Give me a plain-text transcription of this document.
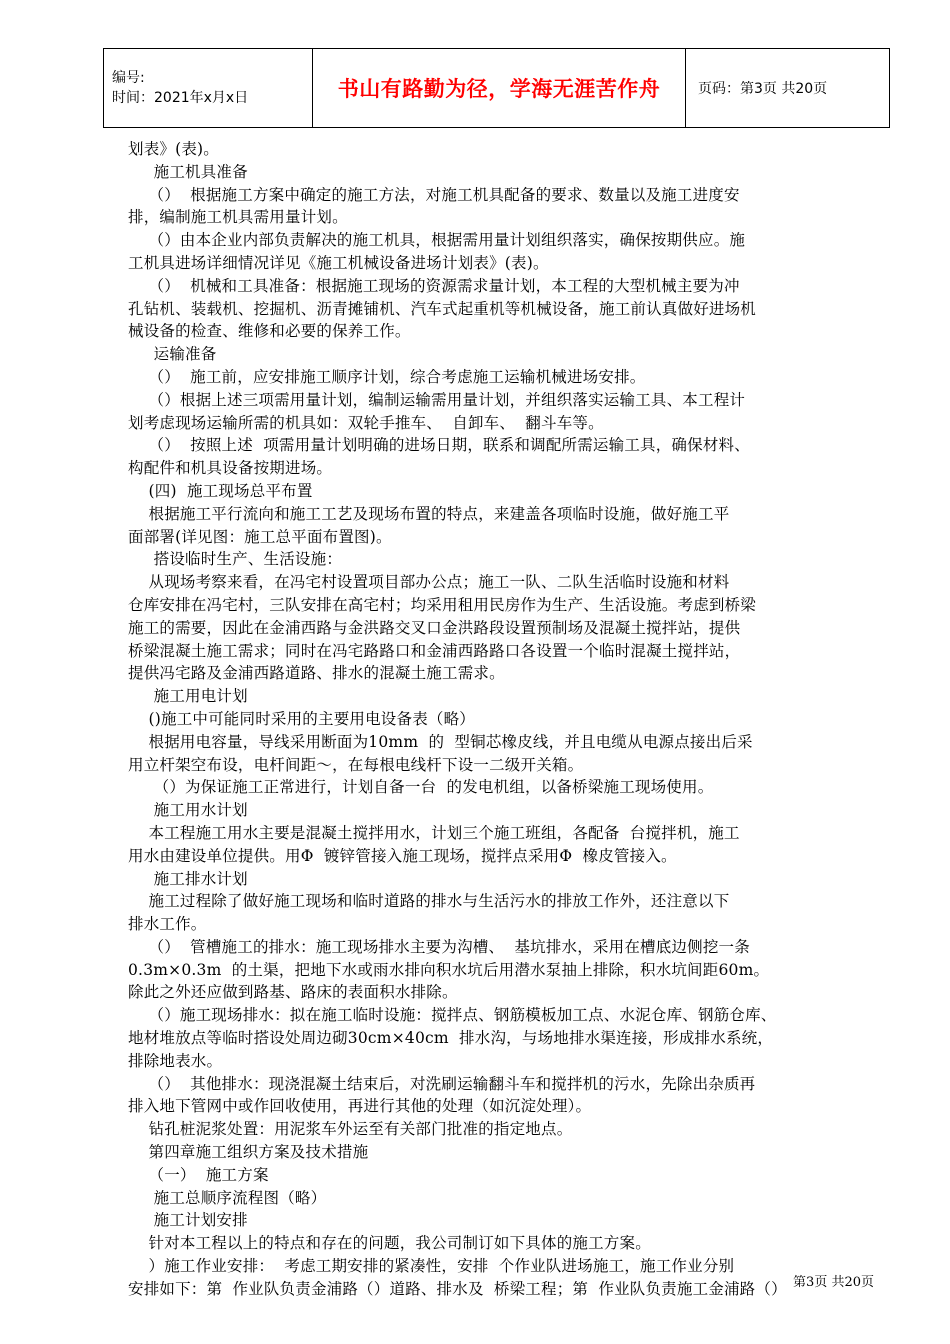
编号:
时间：2021年x月x日	书山有路勤为径，学海无涯苦作舟	页码：第3页 共20页
划表》(表)。
施工机具准备
（）  根据施工方案中确定的施工方法，对施工机具配备的要求、数量以及施工进度安
排，编制施工机具需用量计划。
（）由本企业内部负责解决的施工机具，根据需用量计划组织落实，确保按期供应。施
工机具进场详细情况详见《施工机械设备进场计划表》(表)。
（）  机械和工具准备：根据施工现场的资源需求量计划，本工程的大型机械主要为冲
孔钻机、装载机、挖掘机、沥青摊铺机、汽车式起重机等机械设备，施工前认真做好进场机
械设备的检查、维修和必要的保养工作。
运输准备
（）  施工前，应安排施工顺序计划，综合考虑施工运输机械进场安排。
（）根据上述三项需用量计划，编制运输需用量计划，并组织落实运输工具、本工程计
划考虑现场运输所需的机具如：双轮手推车、  自卸车、  翻斗车等。
（）  按照上述  项需用量计划明确的进场日期，联系和调配所需运输工具，确保材料、
构配件和机具设备按期进场。
(四)  施工现场总平布置
根据施工平行流向和施工工艺及现场布置的特点，来建盖各项临时设施，做好施工平
面部署(详见图：施工总平面布置图)。
搭设临时生产、生活设施：
从现场考察来看，在冯宅村设置项目部办公点；施工一队、二队生活临时设施和材料
仓库安排在冯宅村，三队安排在高宅村；均采用租用民房作为生产、生活设施。考虑到桥梁
施工的需要，因此在金浦西路与金洪路交叉口金洪路段设置预制场及混凝土搅拌站，提供
桥梁混凝土施工需求；同时在冯宅路路口和金浦西路路口各设置一个临时混凝土搅拌站，
提供冯宅路及金浦西路道路、排水的混凝土施工需求。
施工用电计划
()施工中可能同时采用的主要用电设备表（略）
根据用电容量，导线采用断面为10mm  的  型铜芯橡皮线，并且电缆从电源点接出后采
用立杆架空布设，电杆间距～，在每根电线杆下设一二级开关箱。
（）为保证施工正常进行，计划自备一台  的发电机组，以备桥梁施工现场使用。
施工用水计划
本工程施工用水主要是混凝土搅拌用水，计划三个施工班组，各配备  台搅拌机，施工
用水由建设单位提供。用Φ  镀锌管接入施工现场，搅拌点采用Φ  橡皮管接入。
施工排水计划
施工过程除了做好施工现场和临时道路的排水与生活污水的排放工作外，还注意以下
排水工作。
（）  管槽施工的排水：施工现场排水主要为沟槽、  基坑排水，采用在槽底边侧挖一条
0.3m×0.3m  的土渠，把地下水或雨水排向积水坑后用潜水泵抽上排除，积水坑间距60m。
除此之外还应做到路基、路床的表面积水排除。
（）施工现场排水：拟在施工临时设施：搅拌点、钢筋模板加工点、水泥仓库、钢筋仓库、
地材堆放点等临时搭设处周边砌30cm×40cm  排水沟，与场地排水渠连接，形成排水系统，
排除地表水。
（）  其他排水：现浇混凝土结束后，对洗刷运输翻斗车和搅拌机的污水，先除出杂质再
排入地下管网中或作回收使用，再进行其他的处理（如沉淀处理）。
钻孔桩泥浆处置：用泥浆车外运至有关部门批准的指定地点。
第四章施工组织方案及技术措施
（一）  施工方案
施工总顺序流程图（略）
施工计划安排
针对本工程以上的特点和存在的问题，我公司制订如下具体的施工方案。
）施工作业安排：  考虑工期安排的紧凑性，安排  个作业队进场施工，施工作业分别
安排如下：第  作业队负责金浦路（）道路、排水及  桥梁工程；第  作业队负责施工金浦路（） 第3页 共20页
